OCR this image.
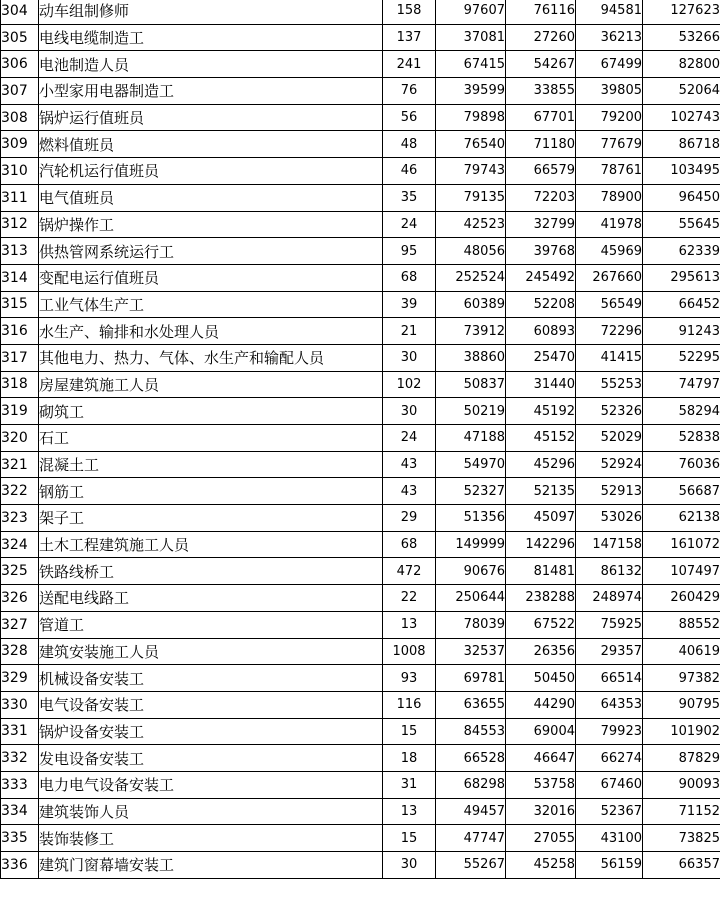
304	动车组制修师	158	97607	76116	94581	127623
305	电线电缆制造工	137	37081	27260	36213	53266
306	电池制造人员	241	67415	54267	67499	82800
307	小型家用电器制造工	76	39599	33855	39805	52064
308	锅炉运行值班员	56	79898	67701	79200	102743
309	燃料值班员	48	76540	71180	77679	86718
310	汽轮机运行值班员	46	79743	66579	78761	103495
311	电气值班员	35	79135	72203	78900	96450
312	锅炉操作工	24	42523	32799	41978	55645
313	供热管网系统运行工	95	48056	39768	45969	62339
314	变配电运行值班员	68	252524	245492	267660	295613
315	工业气体生产工	39	60389	52208	56549	66452
316	水生产、输排和水处理人员	21	73912	60893	72296	91243
317	其他电力、热力、气体、水生产和输配人员	30	38860	25470	41415	52295
318	房屋建筑施工人员	102	50837	31440	55253	74797
319	砌筑工	30	50219	45192	52326	58294
320	石工	24	47188	45152	52029	52838
321	混凝土工	43	54970	45296	52924	76036
322	钢筋工	43	52327	52135	52913	56687
323	架子工	29	51356	45097	53026	62138
324	土木工程建筑施工人员	68	149999	142296	147158	161072
325	铁路线桥工	472	90676	81481	86132	107497
326	送配电线路工	22	250644	238288	248974	260429
327	管道工	13	78039	67522	75925	88552
328	建筑安装施工人员	1008	32537	26356	29357	40619
329	机械设备安装工	93	69781	50450	66514	97382
330	电气设备安装工	116	63655	44290	64353	90795
331	锅炉设备安装工	15	84553	69004	79923	101902
332	发电设备安装工	18	66528	46647	66274	87829
333	电力电气设备安装工	31	68298	53758	67460	90093
334	建筑装饰人员	13	49457	32016	52367	71152
335	装饰装修工	15	47747	27055	43100	73825
336	建筑门窗幕墙安装工	30	55267	45258	56159	66357
